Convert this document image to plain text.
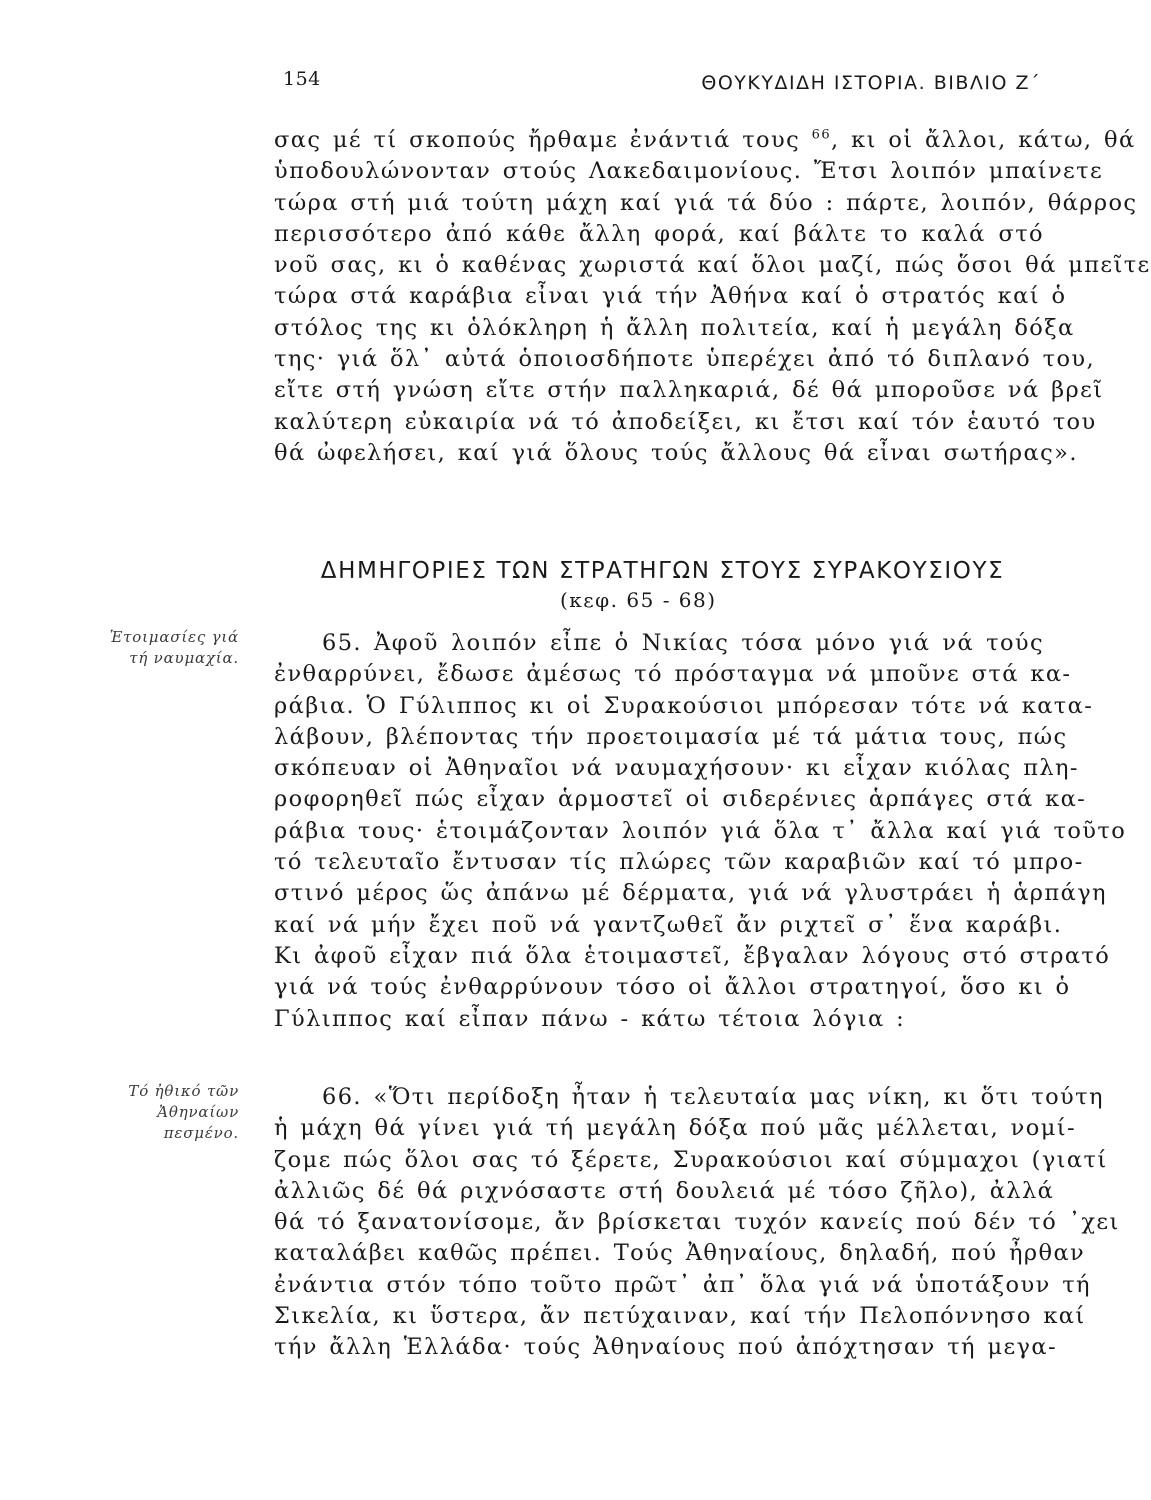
154	ΘΟΥΚΥΔΙΔΗ ΙΣΤΟΡΙΑ. ΒΙΒΛΙΟ Ζ΄
σας μέ τί σκοπούς ἤρθαμε ἐνάντιά τους $^{66}$, κι οἱ ἄλλοι, κάτω, θά
ὑποδουλώνονταν στούς Λακεδαιμονίους. Ἔτσι λοιπόν μπαίνετε
τώρα στή μιά τούτη μάχη καί γιά τά δύο : πάρτε, λοιπόν, θάρρος
περισσότερο ἀπό κάθε ἄλλη φορά, καί βάλτε το καλά στό
νοῦ σας, κι ὁ καθένας χωριστά καί ὅλοι μαζί, πώς ὅσοι θά μπεῖτε
τώρα στά καράβια εἶναι γιά τήν Ἀθήνα καί ὁ στρατός καί ὁ
στόλος της κι ὁλόκληρη ἡ ἄλλη πολιτεία, καί ἡ μεγάλη δόξα
της· γιά ὅλ᾿ αὐτά ὁποιοσδήποτε ὑπερέχει ἀπό τό διπλανό του,
εἴτε στή γνώση εἴτε στήν παλληκαριά, δέ θά μποροῦσε νά βρεῖ
καλύτερη εὐκαιρία νά τό ἀποδείξει, κι ἔτσι καί τόν ἑαυτό του
θά ὠφελήσει, καί γιά ὅλους τούς ἄλλους θά εἶναι σωτήρας».
ΔΗΜΗΓΟΡΙΕΣ ΤΩΝ ΣΤΡΑΤΗΓΩΝ ΣΤΟΥΣ ΣΥΡΑΚΟΥΣΙΟΥΣ
(κεφ. 65 - 68)
Ἑτοιμασίες γιά τή ναυμαχία.
65. Ἀφοῦ λοιπόν εἶπε ὁ Νικίας τόσα μόνο γιά νά τούς
ἐνθαρρύνει, ἔδωσε ἀμέσως τό πρόσταγμα νά μποῦνε στά κα-
ράβια. Ὁ Γύλιππος κι οἱ Συρακούσιοι μπόρεσαν τότε νά κατα-
λάβουν, βλέποντας τήν προετοιμασία μέ τά μάτια τους, πώς
σκόπευαν οἱ Ἀθηναῖοι νά ναυμαχήσουν· κι εἶχαν κιόλας πλη-
ροφορηθεῖ πώς εἶχαν ἁρμοστεῖ οἱ σιδερένιες ἁρπάγες στά κα-
ράβια τους· ἑτοιμάζονταν λοιπόν γιά ὅλα τ᾿ ἄλλα καί γιά τοῦτο
τό τελευταῖο ἔντυσαν τίς πλώρες τῶν καραβιῶν καί τό μπρο-
στινό μέρος ὥς ἀπάνω μέ δέρματα, γιά νά γλυστράει ἡ ἁρπάγη
καί νά μήν ἔχει ποῦ νά γαντζωθεῖ ἄν ριχτεῖ σ᾿ ἕνα καράβι.
Κι ἀφοῦ εἶχαν πιά ὅλα ἑτοιμαστεῖ, ἔβγαλαν λόγους στό στρατό
γιά νά τούς ἐνθαρρύνουν τόσο οἱ ἄλλοι στρατηγοί, ὅσο κι ὁ
Γύλιππος καί εἶπαν πάνω - κάτω τέτοια λόγια :
Τό ἠθικό τῶν Ἀθηναίων πεσμένο.
66. «Ὅτι περίδοξη ἦταν ἡ τελευταία μας νίκη, κι ὅτι τούτη
ἡ μάχη θά γίνει γιά τή μεγάλη δόξα πού μᾶς μέλλεται, νομί-
ζομε πώς ὅλοι σας τό ξέρετε, Συρακούσιοι καί σύμμαχοι (γιατί
ἀλλιῶς δέ θά ριχνόσαστε στή δουλειά μέ τόσο ζῆλο), ἀλλά
θά τό ξανατονίσομε, ἄν βρίσκεται τυχόν κανείς πού δέν τό ᾿χει
καταλάβει καθῶς πρέπει. Τούς Ἀθηναίους, δηλαδή, πού ἦρθαν
ἐνάντια στόν τόπο τοῦτο πρῶτ᾿ ἀπ᾿ ὅλα γιά νά ὑποτάξουν τή
Σικελία, κι ὕστερα, ἄν πετύχαιναν, καί τήν Πελοπόννησο καί
τήν ἄλλη Ἑλλάδα· τούς Ἀθηναίους πού ἀπόχτησαν τή μεγα-
